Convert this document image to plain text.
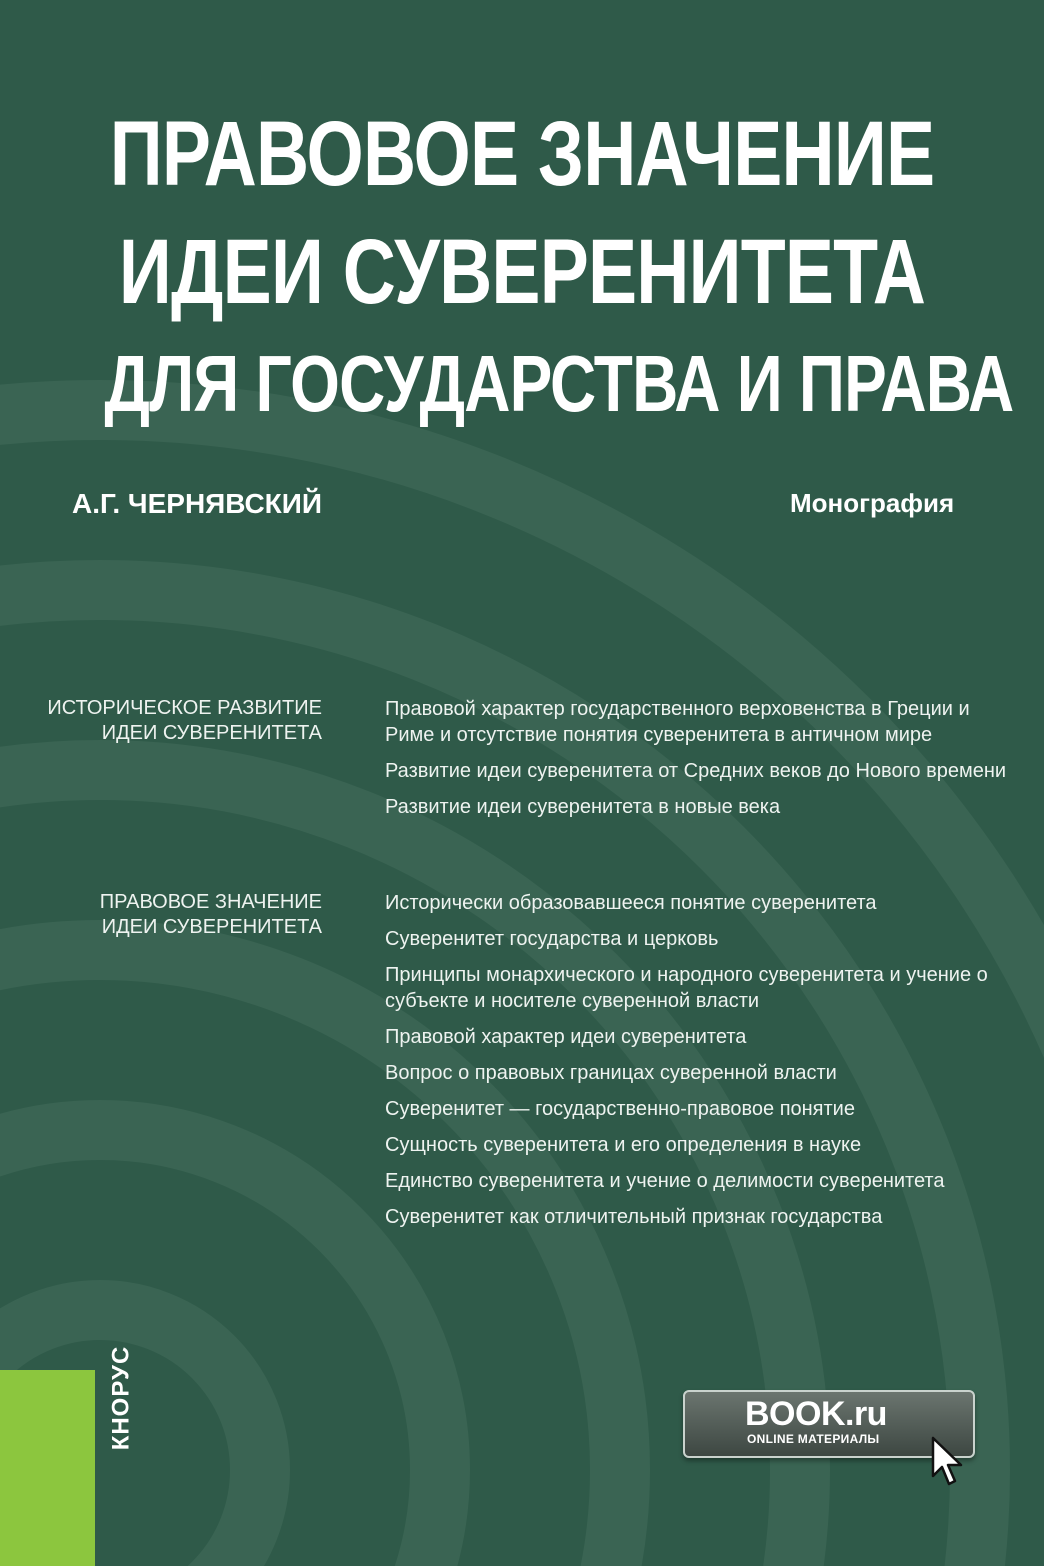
ПРАВОВОЕ ЗНАЧЕНИЕ
ИДЕИ СУВЕРЕНИТЕТА
ДЛЯ ГОСУДАРСТВА И ПРАВА
А.Г. ЧЕРНЯВСКИЙ	Монография
ИСТОРИЧЕСКОЕ РАЗВИТИЕ
ИДЕИ СУВЕРЕНИТЕТА
Правовой характер государственного верховенства в Греции и Риме и отсутствие понятия суверенитета в античном мире
Развитие идеи суверенитета от Средних веков до Нового времени
Развитие идеи суверенитета в новые века
ПРАВОВОЕ ЗНАЧЕНИЕ
ИДЕИ СУВЕРЕНИТЕТА
Исторически образовавшееся понятие суверенитета
Суверенитет государства и церковь
Принципы монархического и народного суверенитета и учение о субъекте и носителе суверенной власти
Правовой характер идеи суверенитета
Вопрос о правовых границах суверенной власти
Суверенитет — государственно-правовое понятие
Сущность суверенитета и его определения в науке
Единство суверенитета и учение о делимости суверенитета
Суверенитет как отличительный признак государства
КНОРУС	BOOK.ru
ONLINE МАТЕРИАЛЫ
